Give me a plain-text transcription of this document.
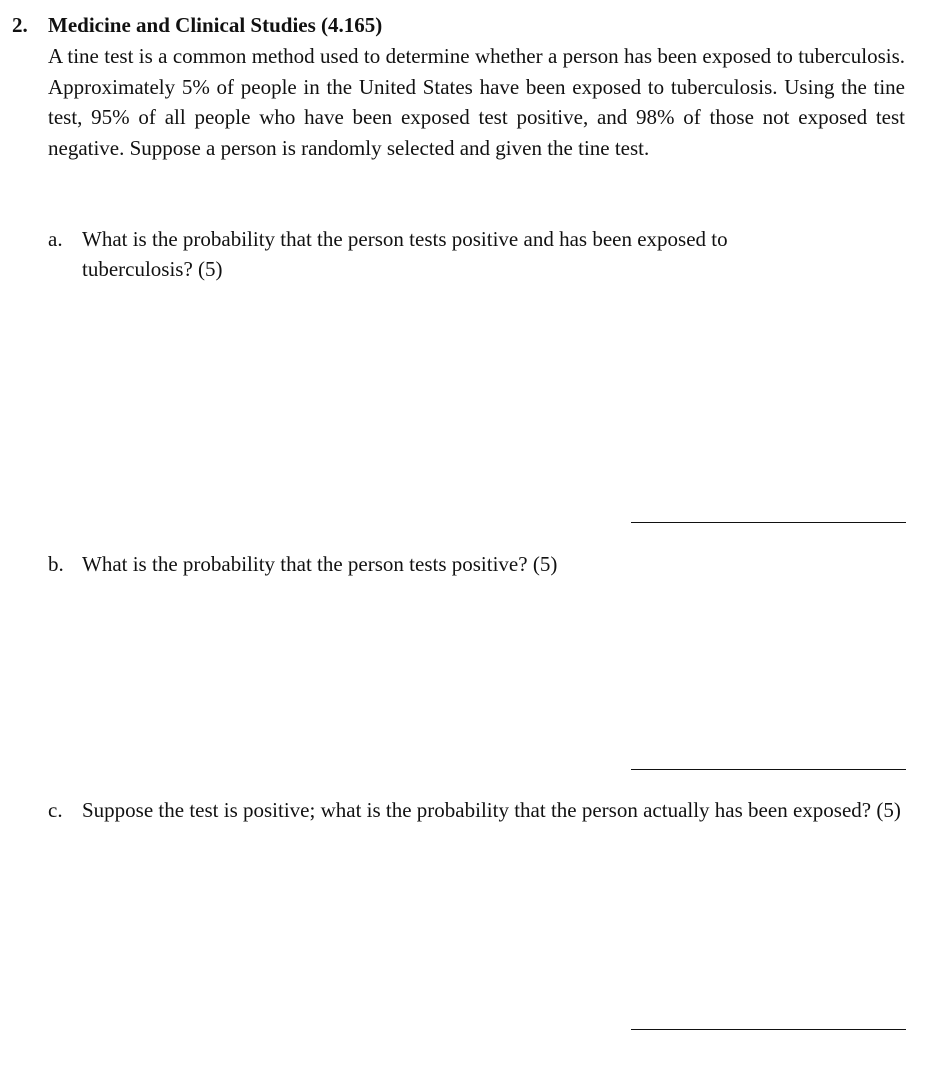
2. Medicine and Clinical Studies (4.165)

A tine test is a common method used to determine whether a person has been exposed to tuberculosis. Approximately 5% of people in the United States have been exposed to tuberculosis. Using the tine test, 95% of all people who have been exposed test positive, and 98% of those not exposed test negative. Suppose a person is randomly selected and given the tine test.

a. What is the probability that the person tests positive and has been exposed to tuberculosis? (5)
b. What is the probability that the person tests positive? (5)
c. Suppose the test is positive; what is the probability that the person actually has been exposed? (5)
